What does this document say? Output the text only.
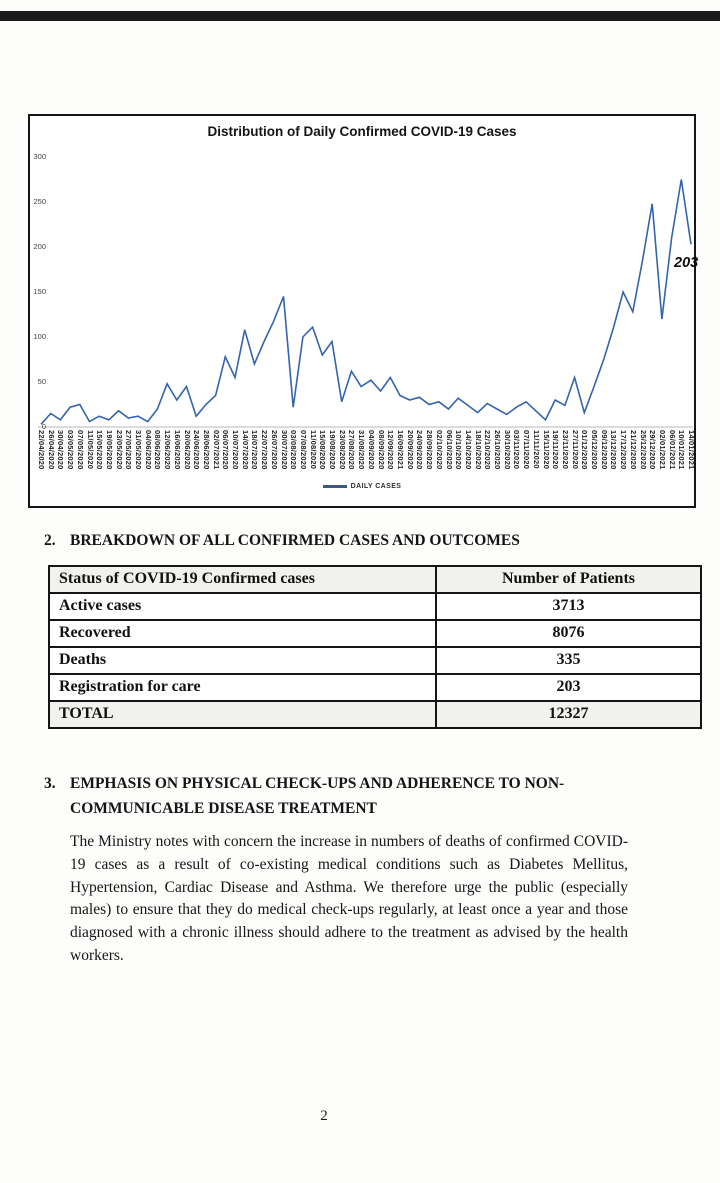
Distribution of Daily Confirmed COVID-19 Cases
0
50
100
150
200
250
300
22/04/2020 26/04/2020 30/04/2020 03/05/2020 07/05/2020 11/05/2020 15/05/2020 19/05/2020 23/05/2020 27/05/2020 31/05/2020 04/06/2020 08/06/2020 12/06/2020 16/06/2020 20/06/2020 24/06/2020 28/06/2020 02/07/2021 06/07/2020 10/07/2020 14/07/2020 18/07/2020 22/07/2020 26/07/2020 30/07/2020 03/08/2020 07/08/2020 11/08/2020 15/08/2020 19/08/2020 23/08/2020 27/08/2020 31/08/2020 04/09/2020 08/09/2020 12/09/2020 16/09/2021 20/09/2020 24/09/2020 28/09/2020 02/10/2020 06/10/2020 10/10/2020 14/10/2020 18/10/2020 22/10/2020 26/10/2020 30/10/2020 03/11/2020 07/11/2020 11/11/2020 15/11/2020 19/11/2020 23/11/2020 27/11/2020 01/12/2020 05/12/2020 09/12/2020 13/12/2020 17/12/2020 21/12/2020 25/12/2020 29/12/2020 02/01/2021 06/01/2021 10/01/2021 14/01/2021
203
DAILY CASES
2. BREAKDOWN OF ALL CONFIRMED CASES AND OUTCOMES
Status of COVID-19 Confirmed cases	Number of Patients
Active cases	3713
Recovered	8076
Deaths	335
Registration for care	203
TOTAL	12327
3. EMPHASIS ON PHYSICAL CHECK-UPS AND ADHERENCE TO NON-COMMUNICABLE DISEASE TREATMENT
The Ministry notes with concern the increase in numbers of deaths of confirmed COVID-19 cases as a result of co-existing medical conditions such as Diabetes Mellitus, Hypertension, Cardiac Disease and Asthma. We therefore urge the public (especially males) to ensure that they do medical check-ups regularly, at least once a year and those diagnosed with a chronic illness should adhere to the treatment as advised by the health workers.
2
